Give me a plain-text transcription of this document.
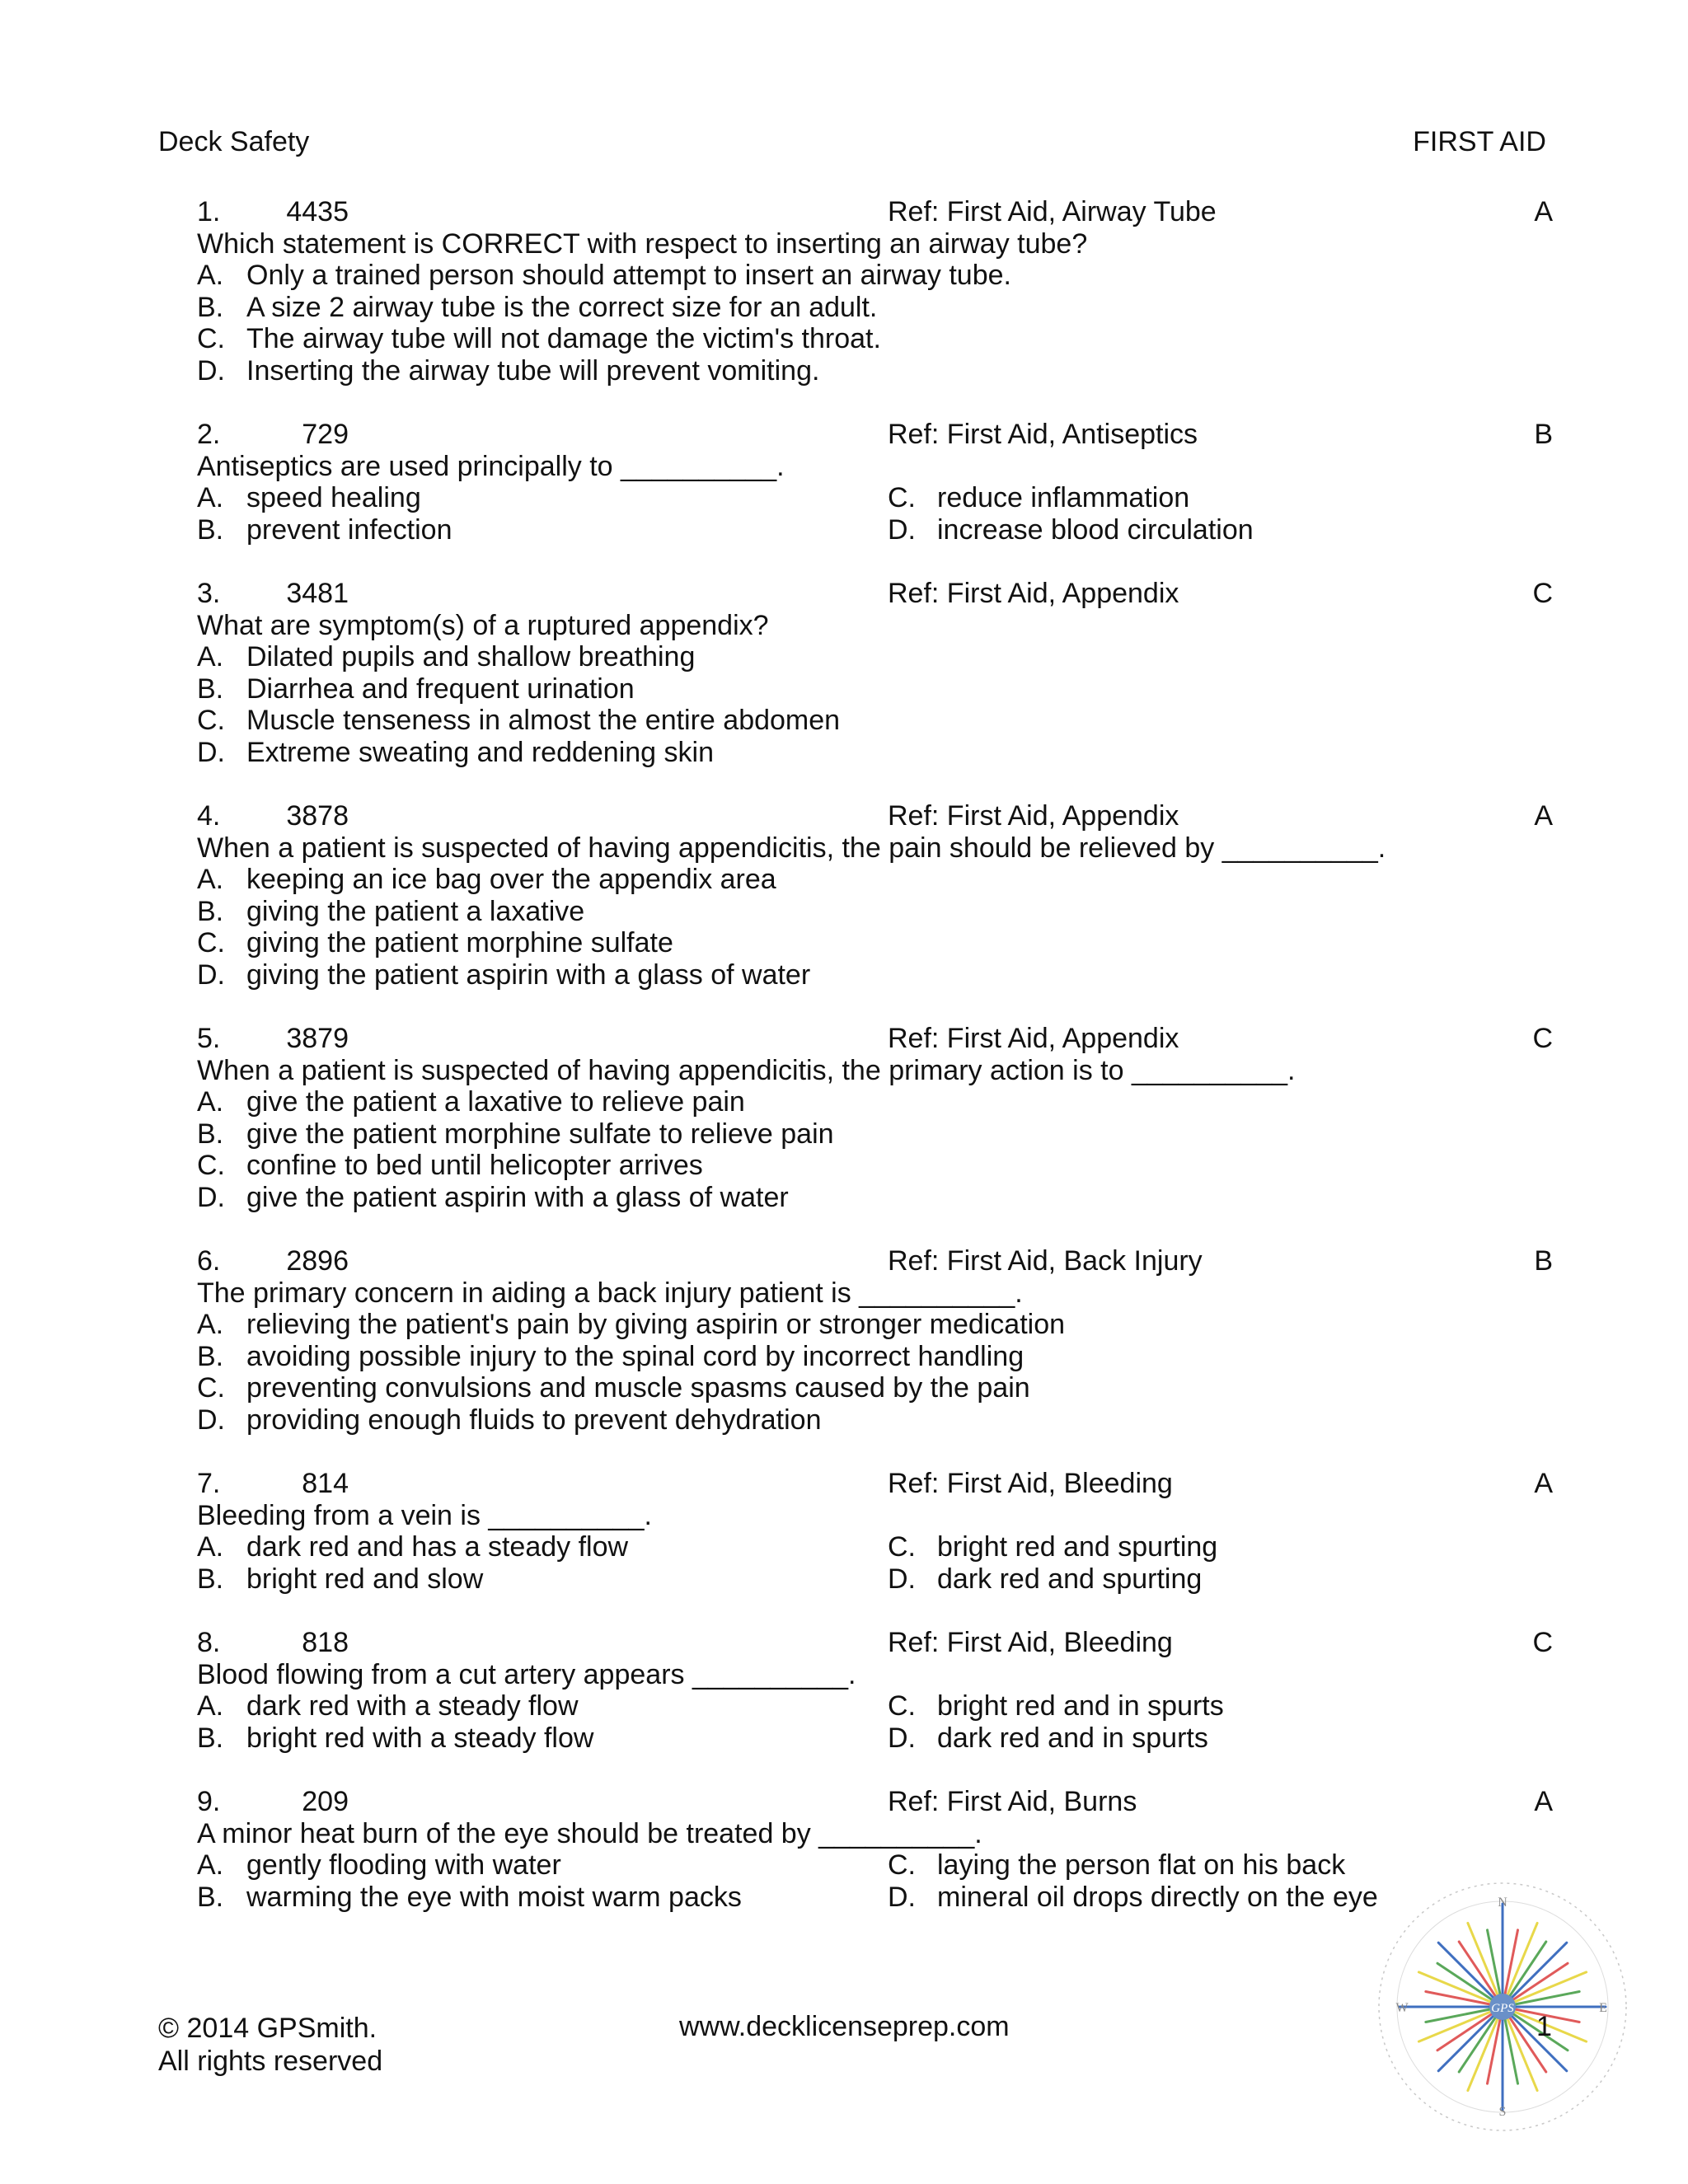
Deck Safety	FIRST AID
1. 4435	Ref: First Aid, Airway Tube	A
Which statement is CORRECT with respect to inserting an airway tube?
A. Only a trained person should attempt to insert an airway tube.
B. A size 2 airway tube is the correct size for an adult.
C. The airway tube will not damage the victim's throat.
D. Inserting the airway tube will prevent vomiting.
2.	729	Ref: First Aid, Antiseptics	B
Antiseptics are used principally to __________.
A. speed healing	C. reduce inflammation
B. prevent infection	D. increase blood circulation
3. 3481	Ref: First Aid, Appendix	C
What are symptom(s) of a ruptured appendix?
A. Dilated pupils and shallow breathing
B. Diarrhea and frequent urination
C. Muscle tenseness in almost the entire abdomen
D. Extreme sweating and reddening skin
4. 3878	Ref: First Aid, Appendix	A
When a patient is suspected of having appendicitis, the pain should be relieved by __________.
A. keeping an ice bag over the appendix area
B. giving the patient a laxative
C. giving the patient morphine sulfate
D. giving the patient aspirin with a glass of water
5. 3879	Ref: First Aid, Appendix	C
When a patient is suspected of having appendicitis, the primary action is to __________.
A. give the patient a laxative to relieve pain
B. give the patient morphine sulfate to relieve pain
C. confine to bed until helicopter arrives
D. give the patient aspirin with a glass of water
6. 2896	Ref: First Aid, Back Injury	B
The primary concern in aiding a back injury patient is __________.
A. relieving the patient's pain by giving aspirin or stronger medication
B. avoiding possible injury to the spinal cord by incorrect handling
C. preventing convulsions and muscle spasms caused by the pain
D. providing enough fluids to prevent dehydration
7.	814	Ref: First Aid, Bleeding	A
Bleeding from a vein is __________.
A. dark red and has a steady flow	C. bright red and spurting
B. bright red and slow	D. dark red and spurting
8.	818	Ref: First Aid, Bleeding	C
Blood flowing from a cut artery appears __________.
A. dark red with a steady flow	C. bright red and in spurts
B. bright red with a steady flow	D. dark red and in spurts
9.	209	Ref: First Aid, Burns	A
A minor heat burn of the eye should be treated by __________.
A. gently flooding with water	C. laying the person flat on his back
B. warming the eye with moist warm packs	D. mineral oil drops directly on the eye
GPS
N
S
E
W
© 2014 GPSmith.
All rights reserved
www.decklicenseprep.com	1
